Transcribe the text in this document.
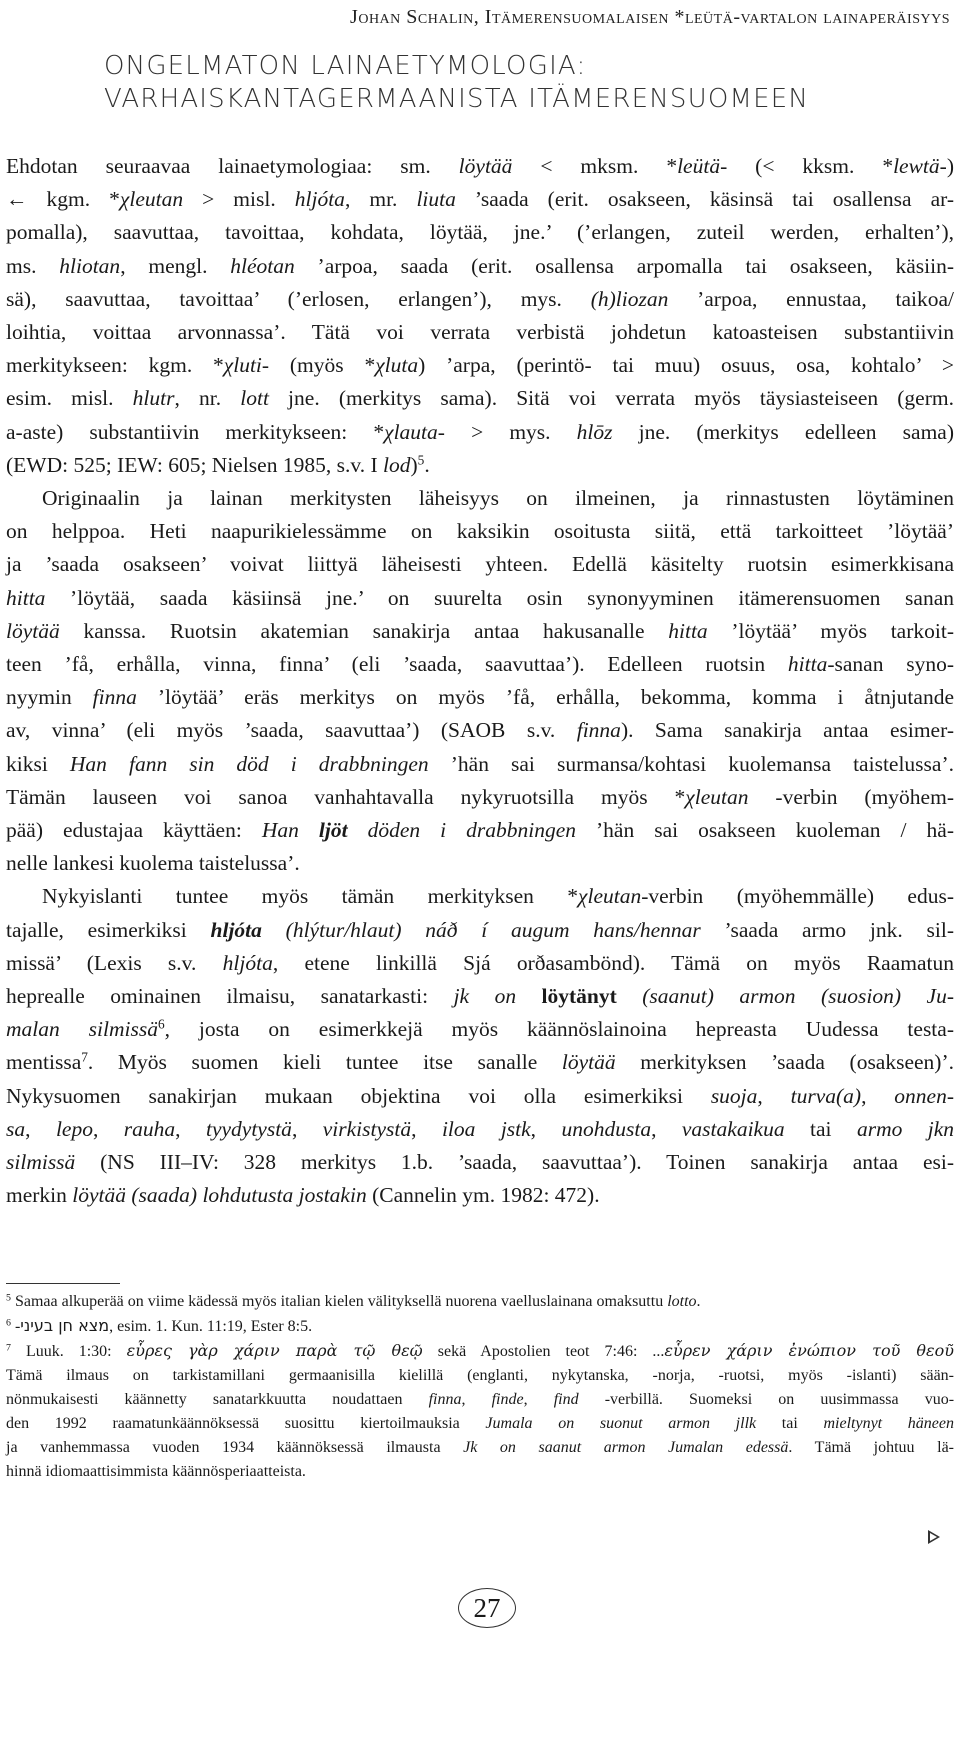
Johan Schalin, Itämerensuomalaisen *leütä-vartalon lainaperäisyys
ONGELMATON LAINAETYMOLOGIA:
VARHAISKANTAGERMAANISTA ITÄMERENSUOMEEN

Ehdotan seuraavaa lainaetymologiaa: sm. löytää < mksm. *leütä- (< kksm. *lewtä-)
← kgm. *χleutan > misl. hljóta, mr. liuta ’saada (erit. osakseen, käsinsä tai osallensa ar-
pomalla), saavuttaa, tavoittaa, kohdata, löytää, jne.’ (’erlangen, zuteil werden, erhalten’),
ms. hliotan, mengl. hléotan ’arpoa, saada (erit. osallensa arpomalla tai osakseen, käsiin-
sä), saavuttaa, tavoittaa’ (’erlosen, erlangen’), mys. (h)liozan ’arpoa, ennustaa, taikoa/
loihtia, voittaa arvonnassa’. Tätä voi verrata verbistä johdetun katoasteisen substantiivin
merkitykseen: kgm. *χluti- (myös *χluta) ’arpa, (perintö- tai muu) osuus, osa, kohtalo’ >
esim. misl. hlutr, nr. lott jne. (merkitys sama). Sitä voi verrata myös täysiasteiseen (germ.
a-aste) substantiivin merkitykseen: *χlauta- > mys. hlōz jne. (merkitys edelleen sama)
(EWD: 525; IEW: 605; Nielsen 1985, s.v. I lod)$^5$.

Originaalin ja lainan merkitysten läheisyys on ilmeinen, ja rinnastusten löytäminen
on helppoa. Heti naapurikielessämme on kaksikin osoitusta siitä, että tarkoitteet ’löytää’
ja ’saada osakseen’ voivat liittyä läheisesti yhteen. Edellä käsitelty ruotsin esimerkkisana
hitta ’löytää, saada käsiinsä jne.’ on suurelta osin synonyyminen itämerensuomen sanan
löytää kanssa. Ruotsin akatemian sanakirja antaa hakusanalle hitta ’löytää’ myös tarkoit-
teen ’få, erhålla, vinna, finna’ (eli ’saada, saavuttaa’). Edelleen ruotsin hitta-sanan syno-
nyymin finna ’löytää’ eräs merkitys on myös ’få, erhålla, bekomma, komma i åtnjutande
av, vinna’ (eli myös ’saada, saavuttaa’) (SAOB s.v. finna). Sama sanakirja antaa esimer-
kiksi Han fann sin död i drabbningen ’hän sai surmansa/kohtasi kuolemansa taistelussa’.
Tämän lauseen voi sanoa vanhahtavalla nykyruotsilla myös *χleutan -verbin (myöhem-
pää) edustajaa käyttäen: Han ljöt döden i drabbningen ’hän sai osakseen kuoleman / hä-
nelle lankesi kuolema taistelussa’.

Nykyislanti tuntee myös tämän merkityksen *χleutan-verbin (myöhemmälle) edus-
tajalle, esimerkiksi hljóta (hlýtur/hlaut) náð í augum hans/hennar ’saada armo jnk. sil-
missä’ (Lexis s.v. hljóta, etene linkillä Sjá orðasambönd). Tämä on myös Raamatun
heprealle ominainen ilmaisu, sanatarkasti: jk on löytänyt (saanut) armon (suosion) Ju-
malan silmissä$^6$, josta on esimerkkejä myös käännöslainoina hepreasta Uudessa testa-
mentissa$^7$. Myös suomen kieli tuntee itse sanalle löytää merkityksen ’saada (osakseen)’.
Nykysuomen sanakirjan mukaan objektina voi olla esimerkiksi suoja, turva(a), onnen-
sa, lepo, rauha, tyydytystä, virkistystä, iloa jstk, unohdusta, vastakaikua tai armo jkn
silmissä (NS III–IV: 328 merkitys 1.b. ’saada, saavuttaa’). Toinen sanakirja antaa esi-
merkin löytää (saada) lohdutusta jostakin (Cannelin ym. 1982: 472).

$^5$ Samaa alkuperää on viime kädessä myös italian kielen välityksellä nuorena vaelluslainana omaksuttu lotto.

$^6$ -מצא חן בעיני, esim. 1. Kun. 11:19, Ester 8:5.

$^7$ Luuk. 1:30: εὗρες γὰρ χάριν παρὰ τῷ θεῷ sekä Apostolien teot 7:46: ...εὗρεν χάριν ἐνώπιον τοῦ θεοῦ
Tämä ilmaus on tarkistamillani germaanisilla kielillä (englanti, nykytanska, -norja, -ruotsi, myös -islanti) sään-
nönmukaisesti käännetty sanatarkkuutta noudattaen finna, finde, find -verbillä. Suomeksi on uusimmassa vuo-
den 1992 raamatunkäännöksessä suosittu kiertoilmauksia Jumala on suonut armon jllk tai mieltynyt häneen
ja vanhemmassa vuoden 1934 käännöksessä ilmausta Jk on saanut armon Jumalan edessä. Tämä johtuu lä-
hinnä idiomaattisimmista käännösperiaatteista.

27
